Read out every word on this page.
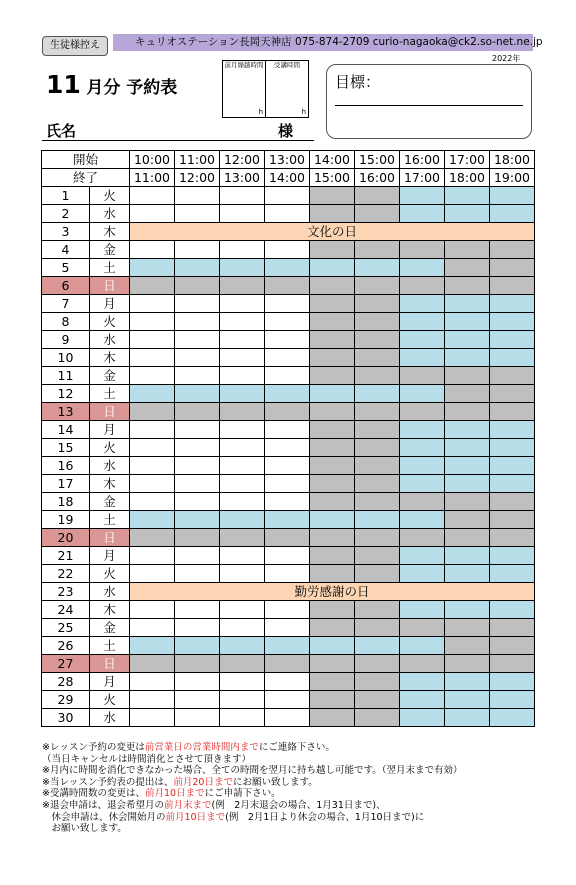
生徒様控え	キュリオステーション長岡天神店 075-874-2709 curio-nagaoka@ck2.so-net.ne.jp
2022年
11 月分 予約表
前月繰越時間
h
受講時間
h
目標：
氏名	様
開始		10:00	11:00	12:00	13:00	14:00	15:00	16:00	17:00	18:00
終了		11:00	12:00	13:00	14:00	15:00	16:00	17:00	18:00	19:00
1	火									
2	水									
3	木	文化の日								
4	金									
5	土									
6	日									
7	月									
8	火									
9	水									
10	木									
11	金									
12	土									
13	日									
14	月									
15	火									
16	水									
17	木									
18	金									
19	土									
20	日									
21	月									
22	火									
23	水	勤労感謝の日								
24	木									
25	金									
26	土									
27	日									
28	月									
29	火									
30	水									
※レッスン予約の変更は前営業日の営業時間内までにご連絡下さい。
（当日キャンセルは時間消化とさせて頂きます）
※月内に時間を消化できなかった場合、全ての時間を翌月に持ち越し可能です。（翌月末まで有効）
※当レッスン予約表の提出は、前月20日までにお願い致します。
※受講時間数の変更は、前月10日までにご申請下さい。
※退会申請は、退会希望月の前月末まで(例　2月末退会の場合、1月31日まで)、
　休会申請は、休会開始月の前月10日まで(例　2月1日より休会の場合、1月10日まで)に
　お願い致します。
